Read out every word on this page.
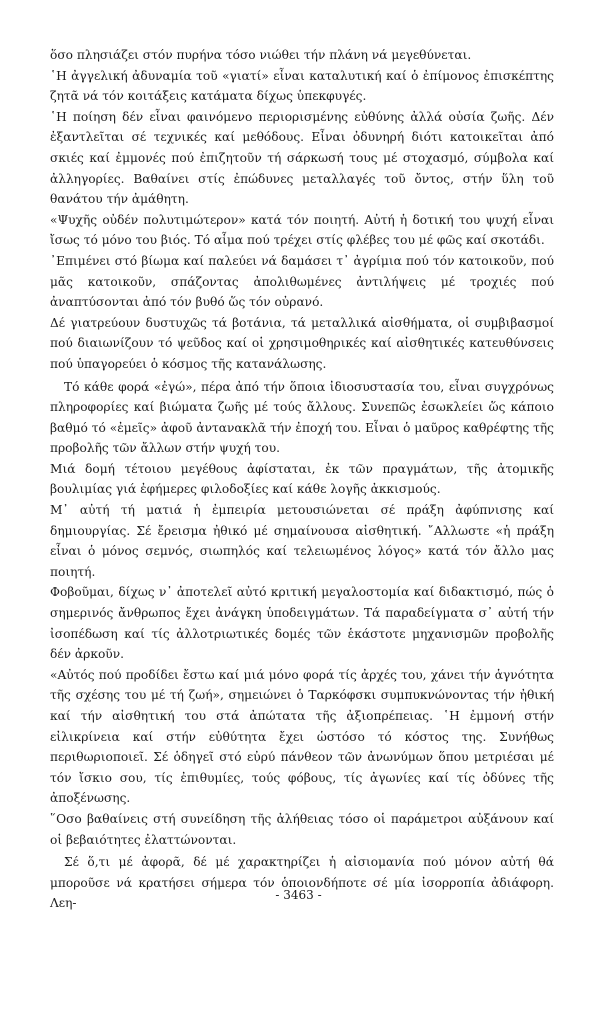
ὅσο πλησιάζει στόν πυρήνα τόσο νιώθει τήν πλάνη νά μεγεθύνεται.

῾Η ἀγγελική ἀδυναμία τοῦ «γιατί» εἶναι καταλυτική καί ὁ ἐπίμονος ἐπισκέπτης ζητᾶ νά τόν κοιτάξεις κατάματα δίχως ὑπεκφυγές.

῾Η ποίηση δέν εἶναι φαινόμενο περιορισμένης εὐθύνης ἀλλά οὐσία ζωῆς. Δέν ἐξαντλεῖται σέ τεχνικές καί μεθόδους. Εἶναι ὀδυνηρή διότι κατοικεῖται ἀπό σκιές καί ἐμμονές πού ἐπιζητοῦν τή σάρκωσή τους μέ στοχασμό, σύμβολα καί ἀλληγορίες. Βαθαίνει στίς ἐπώδυνες μεταλλαγές τοῦ ὄντος, στήν ὕλη τοῦ θανάτου τήν ἀμάθητη.

«Ψυχῆς οὐδέν πολυτιμώτερον» κατά τόν ποιητή. Αὐτή ἡ δοτική του ψυχή εἶναι ἴσως τό μόνο του βιός. Τό αἷμα πού τρέχει στίς φλέβες του μέ φῶς καί σκοτάδι.

᾽Επιμένει στό βίωμα καί παλεύει νά δαμάσει τ᾽ ἀγρίμια πού τόν κατοικοῦν, πού μᾶς κατοικοῦν, σπάζοντας ἀπολιθωμένες ἀντιλήψεις μέ τροχιές πού ἀναπτύσονται ἀπό τόν βυθό ὥς τόν οὐρανό.

Δέ γιατρεύουν δυστυχῶς τά βοτάνια, τά μεταλλικά αἰσθήματα, οἱ συμβιβασμοί πού διαιωνίζουν τό ψεῦδος καί οἱ χρησιμοθηρικές καί αἰσθητικές κατευθύνσεις πού ὑπαγορεύει ὁ κόσμος τῆς κατανάλωσης.

Τό κάθε φορά «ἐγώ», πέρα ἀπό τήν ὅποια ἰδιοσυστασία του, εἶναι συγχρόνως πληροφορίες καί βιώματα ζωῆς μέ τούς ἄλλους. Συνεπῶς ἐσωκλείει ὥς κάποιο βαθμό τό «ἐμεῖς» ἀφοῦ ἀντανακλᾶ τήν ἐποχή του. Εἶναι ὁ μαῦρος καθρέφτης τῆς προβολῆς τῶν ἄλλων στήν ψυχή του.

Μιά δομή τέτοιου μεγέθους ἀφίσταται, ἐκ τῶν πραγμάτων, τῆς ἀτομικῆς βουλιμίας γιά ἐφήμερες φιλοδοξίες καί κάθε λογῆς ἀκκισμούς.

Μ᾽ αὐτή τή ματιά ἡ ἐμπειρία μετουσιώνεται σέ πράξη ἀφύπνισης καί δημιουργίας. Σέ ἔρεισμα ἠθικό μέ σημαίνουσα αἰσθητική. ῎Αλλωστε «ἡ πράξη εἶναι ὁ μόνος σεμνός, σιωπηλός καί τελειωμένος λόγος» κατά τόν ἄλλο μας ποιητή.

Φοβοῦμαι, δίχως ν᾽ ἀποτελεῖ αὐτό κριτική μεγαλοστομία καί διδακτισμό, πώς ὁ σημερινός ἄνθρωπος ἔχει ἀνάγκη ὑποδειγμάτων. Τά παραδείγματα σ᾽ αὐτή τήν ἰσοπέδωση καί τίς ἀλλοτριωτικές δομές τῶν ἑκάστοτε μηχανισμῶν προβολῆς δέν ἀρκοῦν.

«Αὐτός πού προδίδει ἔστω καί μιά μόνο φορά τίς ἀρχές του, χάνει τήν ἁγνότητα τῆς σχέσης του μέ τή ζωή», σημειώνει ὁ Ταρκόφσκι συμπυκνώνοντας τήν ἠθική καί τήν αἰσθητική του στά ἀπώτατα τῆς ἀξιοπρέπειας. ῾Η ἐμμονή στήν εἰλικρίνεια καί στήν εὐθύτητα ἔχει ὡστόσο τό κόστος της. Συνήθως περιθωριοποιεῖ. Σέ ὁδηγεῖ στό εὐρύ πάνθεον τῶν ἀνωνύμων ὅπου μετριέσαι μέ τόν ἴσκιο σου, τίς ἐπιθυμίες, τούς φόβους, τίς ἀγωνίες καί τίς ὀδύνες τῆς ἀποξένωσης.

῞Οσο βαθαίνεις στή συνείδηση τῆς ἀλήθειας τόσο οἱ παράμετροι αὐξάνουν καί οἱ βεβαιότητες ἐλαττώνονται.

Σέ ὅ,τι μέ ἀφορᾶ, δέ μέ χαρακτηρίζει ἡ αἰσιομανία πού μόνον αὐτή θά μποροῦσε νά κρατήσει σήμερα τόν ὁποιονδήποτε σέ μία ἰσορροπία ἀδιάφορη. Λεη-

- 3463 -
